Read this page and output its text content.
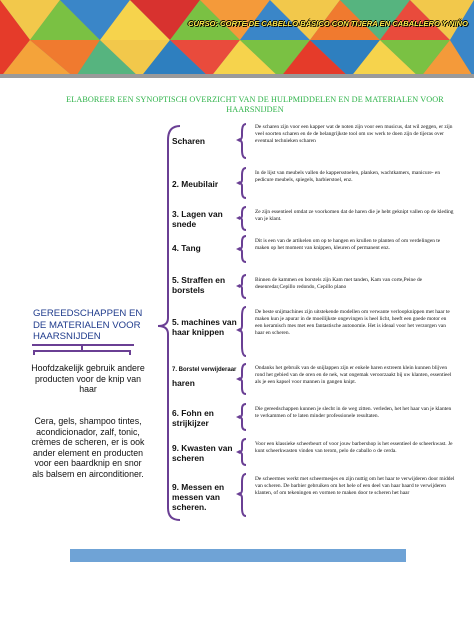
CURSO: CORTE DE CABELLO BÁSICO CON TIJERA EN CABALLERO Y NIÑO
ELABOREER EEN SYNOPTISCH OVERZICHT VAN DE HULPMIDDELEN EN DE MATERIALEN VOOR HAARSNIJDEN
GEREEDSCHAPPEN EN DE MATERIALEN VOOR HAARSNIJDEN
Hoofdzakelijk gebruik andere producten voor de knip van haar
Cera, gels, shampoo tintes, acondicionador, zalf, tonic, crèmes de scheren, er is ook ander element en producten voor een baardknip en snor als balsem en airconditioner.
Scharen
De scharen zijn voor een kapper wat de noten zijn voor een musicus, dat wil zeggen, er zijn veel soorten scharen en de de belangrijkste tool om uw werk te doen zijn de tijeras over eventual technieken scharen
2. Meubilair
In de lijst van meubels vallen de kappersstoelen, planken, wachtkamers, manicure- en pedicure meubels, spiegels, barbierstoel, enz.
3. Lagen van snede
Ze zijn essentieel omdat ze voorkomen dat de haren die je hebt geknipt vallen op de kleding van je klant.
4. Tang
Dit is een van de artikelen om op te hangen en krullen te planten of om verdelingen te maken op het moment van knippen, kleuren of permanent enz.
5. Straffen en borstels
Binnen de kammen en borstels zijn Kam met tanden, Kam van corte,Peine de desenredar,Cepillo redondo, Cepillo plano
5. machines van haar knippen
De beste snijmachines zijn uitstekende modellen om verwante verloopknippen met haar te maken kun je apurar in de moeilijkste ongevingen is heel licht, heeft een goede motor en een keramisch mes met een fantastische autonomie. Het is ideaal voor het verzorgen van haar en scheren.
7. Borstel verwijderaar
haren
Ondanks het gebruik van de snijlappen zijn er enkele haren extreem klein kunnen blijven rond het gebied van de oren en de nek, wat ongemak veroorzaakt bij uw klanten, essentieel als je een kapsel voor mannen in gangen knipt.
6. Fohn en strijkijzer
Die gereedschappen kunnen je slecht in de weg zitten. verleden, het het haar van je klanten te verkammen of te laten minder professionele resultaten.
9. Kwasten van scheren
Voor een klassieke scheerbeurt of voor jouw barbershop is het essentieel de scheerkwast. Je kunt scheerkwasten vinden van terom, pelo de caballo o de cerda.
9. Messen en messen van scheren.
De scheermes werkt met scheermesjes en zijn nuttig om het haar te verwijderen door middel van scheren. De barbier gebruiken om het hele of een deel van haar baard te verwijderen klanten, of om tekeningen en vormen te maken door te scheren het haar
